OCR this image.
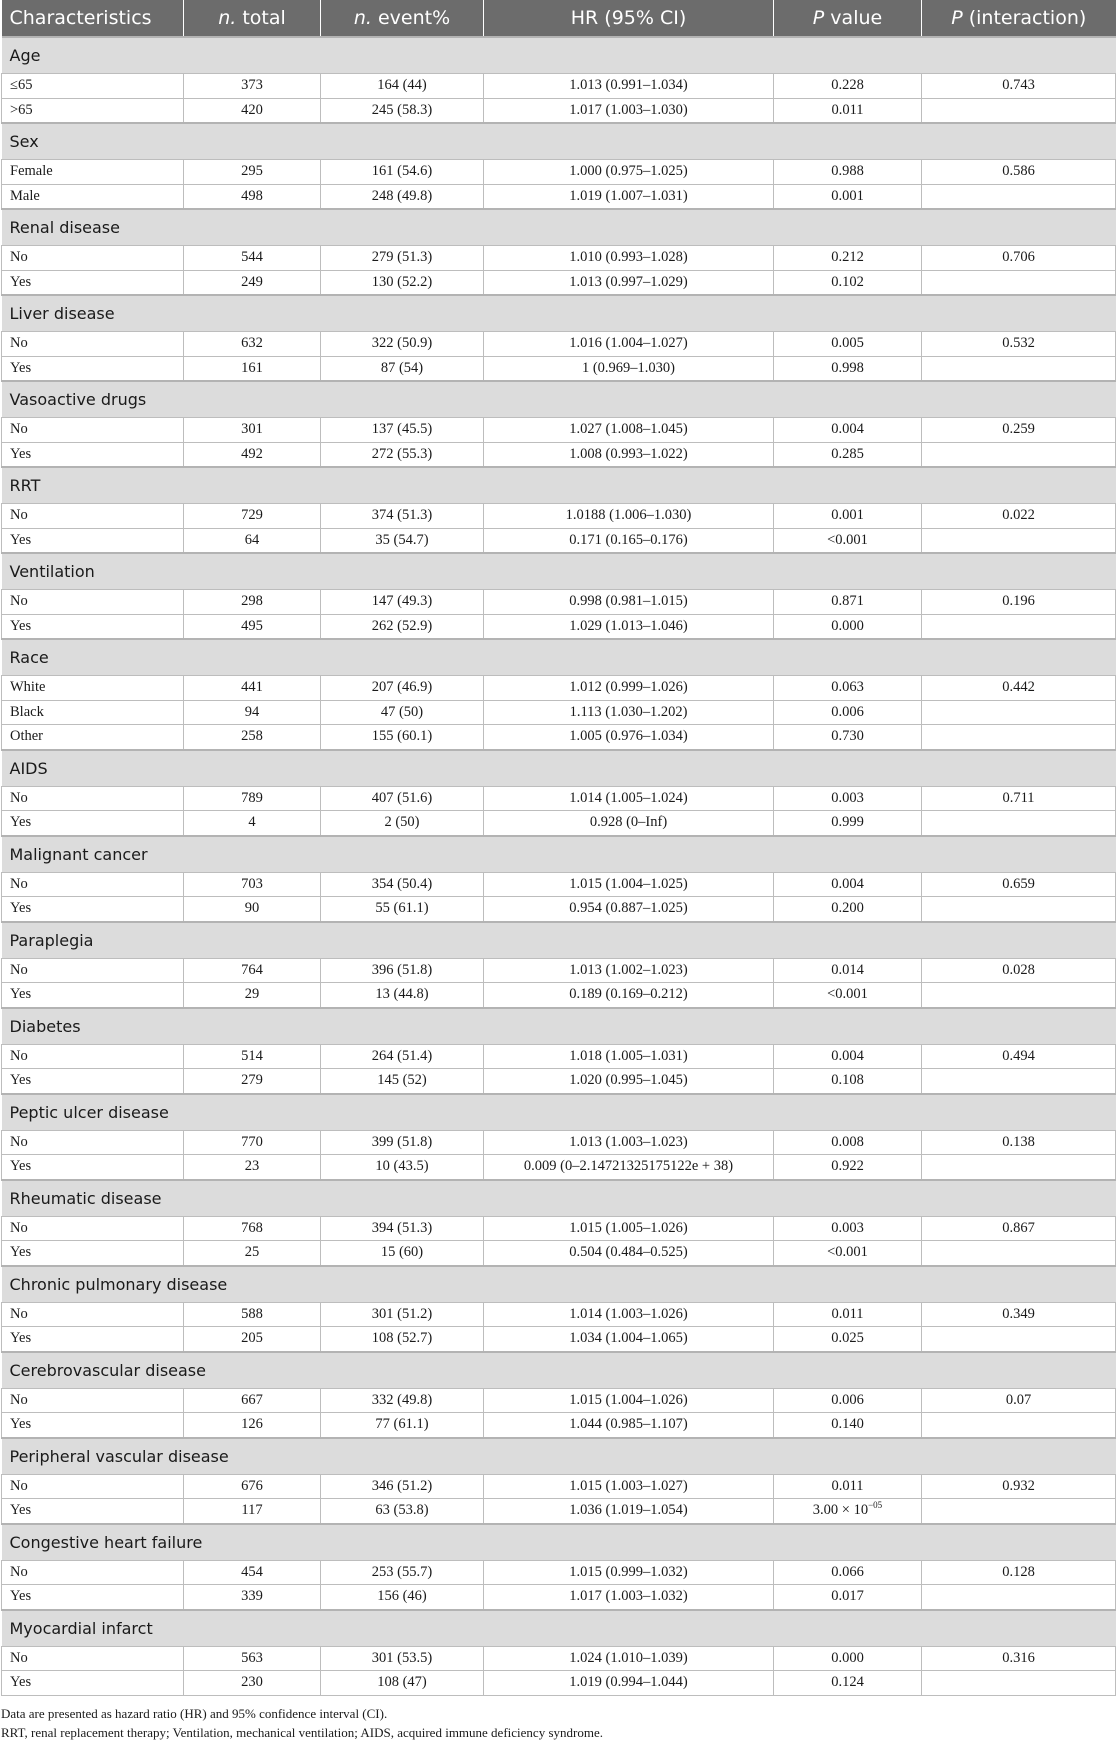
Characteristics	n. total	n. event%	HR (95% CI)	P value	P (interaction)
Age					
≤65	373	164 (44)	1.013 (0.991–1.034)	0.228	0.743
>65	420	245 (58.3)	1.017 (1.003–1.030)	0.011	
Sex					
Female	295	161 (54.6)	1.000 (0.975–1.025)	0.988	0.586
Male	498	248 (49.8)	1.019 (1.007–1.031)	0.001	
Renal disease					
No	544	279 (51.3)	1.010 (0.993–1.028)	0.212	0.706
Yes	249	130 (52.2)	1.013 (0.997–1.029)	0.102	
Liver disease					
No	632	322 (50.9)	1.016 (1.004–1.027)	0.005	0.532
Yes	161	87 (54)	1 (0.969–1.030)	0.998	
Vasoactive drugs					
No	301	137 (45.5)	1.027 (1.008–1.045)	0.004	0.259
Yes	492	272 (55.3)	1.008 (0.993–1.022)	0.285	
RRT					
No	729	374 (51.3)	1.0188 (1.006–1.030)	0.001	0.022
Yes	64	35 (54.7)	0.171 (0.165–0.176)	<0.001	
Ventilation					
No	298	147 (49.3)	0.998 (0.981–1.015)	0.871	0.196
Yes	495	262 (52.9)	1.029 (1.013–1.046)	0.000	
Race					
White	441	207 (46.9)	1.012 (0.999–1.026)	0.063	0.442
Black	94	47 (50)	1.113 (1.030–1.202)	0.006	
Other	258	155 (60.1)	1.005 (0.976–1.034)	0.730	
AIDS					
No	789	407 (51.6)	1.014 (1.005–1.024)	0.003	0.711
Yes	4	2 (50)	0.928 (0–Inf)	0.999	
Malignant cancer					
No	703	354 (50.4)	1.015 (1.004–1.025)	0.004	0.659
Yes	90	55 (61.1)	0.954 (0.887–1.025)	0.200	
Paraplegia					
No	764	396 (51.8)	1.013 (1.002–1.023)	0.014	0.028
Yes	29	13 (44.8)	0.189 (0.169–0.212)	<0.001	
Diabetes					
No	514	264 (51.4)	1.018 (1.005–1.031)	0.004	0.494
Yes	279	145 (52)	1.020 (0.995–1.045)	0.108	
Peptic ulcer disease					
No	770	399 (51.8)	1.013 (1.003–1.023)	0.008	0.138
Yes	23	10 (43.5)	0.009 (0–2.14721325175122e + 38)	0.922	
Rheumatic disease					
No	768	394 (51.3)	1.015 (1.005–1.026)	0.003	0.867
Yes	25	15 (60)	0.504 (0.484–0.525)	<0.001	
Chronic pulmonary disease					
No	588	301 (51.2)	1.014 (1.003–1.026)	0.011	0.349
Yes	205	108 (52.7)	1.034 (1.004–1.065)	0.025	
Cerebrovascular disease					
No	667	332 (49.8)	1.015 (1.004–1.026)	0.006	0.07
Yes	126	77 (61.1)	1.044 (0.985–1.107)	0.140	
Peripheral vascular disease					
No	676	346 (51.2)	1.015 (1.003–1.027)	0.011	0.932
Yes	117	63 (53.8)	1.036 (1.019–1.054)	$3.00 \times 10^{-05}$	
Congestive heart failure					
No	454	253 (55.7)	1.015 (0.999–1.032)	0.066	0.128
Yes	339	156 (46)	1.017 (1.003–1.032)	0.017	
Myocardial infarct					
No	563	301 (53.5)	1.024 (1.010–1.039)	0.000	0.316
Yes	230	108 (47)	1.019 (0.994–1.044)	0.124	
Data are presented as hazard ratio (HR) and 95% confidence interval (CI).
RRT, renal replacement therapy; Ventilation, mechanical ventilation; AIDS, acquired immune deficiency syndrome.
